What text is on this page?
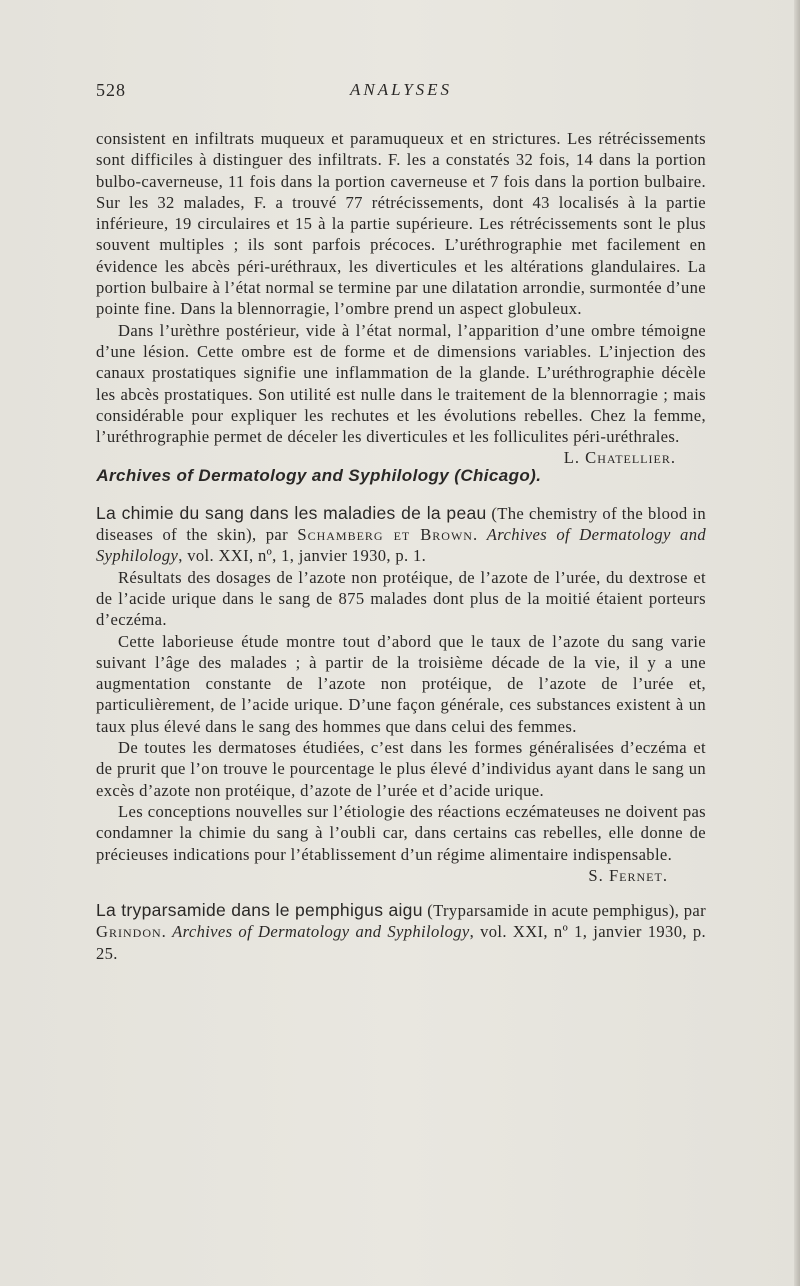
528	ANALYSES

consistent en infiltrats muqueux et paramuqueux et en strictures. Les rétrécissements sont difficiles à distinguer des infiltrats. F. les a constatés 32 fois, 14 dans la portion bulbo-caverneuse, 11 fois dans la portion caverneuse et 7 fois dans la portion bulbaire. Sur les 32 malades, F. a trouvé 77 rétrécissements, dont 43 localisés à la partie inférieure, 19 circulaires et 15 à la partie supérieure. Les rétrécissements sont le plus souvent multiples ; ils sont parfois précoces. L’uréthrographie met facilement en évidence les abcès péri-uréthraux, les diverticules et les altérations glandulaires. La portion bulbaire à l’état normal se termine par une dilatation arrondie, surmontée d’une pointe fine. Dans la blennorragie, l’ombre prend un aspect globuleux.

Dans l’urèthre postérieur, vide à l’état normal, l’apparition d’une ombre témoigne d’une lésion. Cette ombre est de forme et de dimensions variables. L’injection des canaux prostatiques signifie une inflammation de la glande. L’uréthrographie décèle les abcès prostatiques. Son utilité est nulle dans le traitement de la blennorragie ; mais considérable pour expliquer les rechutes et les évolutions rebelles. Chez la femme, l’uréthrographie permet de déceler les diverticules et les folliculites péri-uréthrales.
L. Chatellier.

Archives of Dermatology and Syphilology (Chicago).

La chimie du sang dans les maladies de la peau (The chemistry of the blood in diseases of the skin), par Schamberg et Brown. Archives of Dermatology and Syphilology, vol. XXI, nº, 1, janvier 1930, p. 1.

Résultats des dosages de l’azote non protéique, de l’azote de l’urée, du dextrose et de l’acide urique dans le sang de 875 malades dont plus de la moitié étaient porteurs d’eczéma.

Cette laborieuse étude montre tout d’abord que le taux de l’azote du sang varie suivant l’âge des malades ; à partir de la troisième décade de la vie, il y a une augmentation constante de l’azote non protéique, de l’azote de l’urée et, particulièrement, de l’acide urique. D’une façon générale, ces substances existent à un taux plus élevé dans le sang des hommes que dans celui des femmes.

De toutes les dermatoses étudiées, c’est dans les formes généralisées d’eczéma et de prurit que l’on trouve le pourcentage le plus élevé d’individus ayant dans le sang un excès d’azote non protéique, d’azote de l’urée et d’acide urique.

Les conceptions nouvelles sur l’étiologie des réactions eczémateuses ne doivent pas condamner la chimie du sang à l’oubli car, dans certains cas rebelles, elle donne de précieuses indications pour l’établissement d’un régime alimentaire indispensable.

S. Fernet.

La tryparsamide dans le pemphigus aigu (Tryparsamide in acute pemphigus), par Grindon. Archives of Dermatology and Syphilology, vol. XXI, nº 1, janvier 1930, p. 25.
